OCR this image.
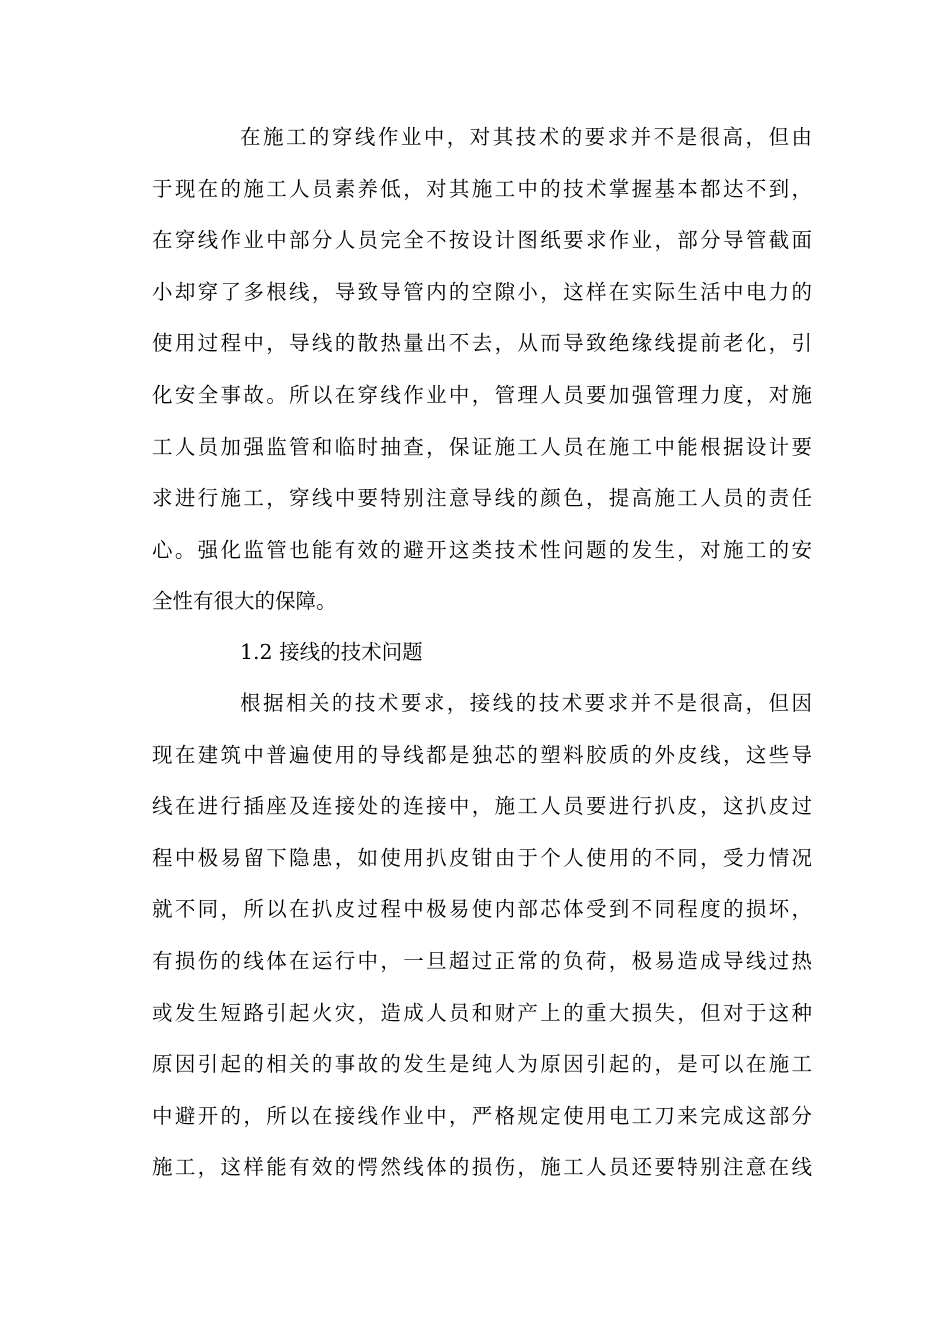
在施工的穿线作业中，对其技术的要求并不是很高，但由
于现在的施工人员素养低，对其施工中的技术掌握基本都达不到，
在穿线作业中部分人员完全不按设计图纸要求作业，部分导管截面
小却穿了多根线，导致导管内的空隙小，这样在实际生活中电力的
使用过程中，导线的散热量出不去，从而导致绝缘线提前老化，引
化安全事故。所以在穿线作业中，管理人员要加强管理力度，对施
工人员加强监管和临时抽查，保证施工人员在施工中能根据设计要
求进行施工，穿线中要特别注意导线的颜色，提高施工人员的责任
心。强化监管也能有效的避开这类技术性问题的发生，对施工的安
全性有很大的保障。
1.2 接线的技术问题
根据相关的技术要求，接线的技术要求并不是很高，但因
现在建筑中普遍使用的导线都是独芯的塑料胶质的外皮线，这些导
线在进行插座及连接处的连接中，施工人员要进行扒皮，这扒皮过
程中极易留下隐患，如使用扒皮钳由于个人使用的不同，受力情况
就不同，所以在扒皮过程中极易使内部芯体受到不同程度的损坏，
有损伤的线体在运行中，一旦超过正常的负荷，极易造成导线过热
或发生短路引起火灾，造成人员和财产上的重大损失，但对于这种
原因引起的相关的事故的发生是纯人为原因引起的，是可以在施工
中避开的，所以在接线作业中，严格规定使用电工刀来完成这部分
施工，这样能有效的愕然线体的损伤，施工人员还要特别注意在线
